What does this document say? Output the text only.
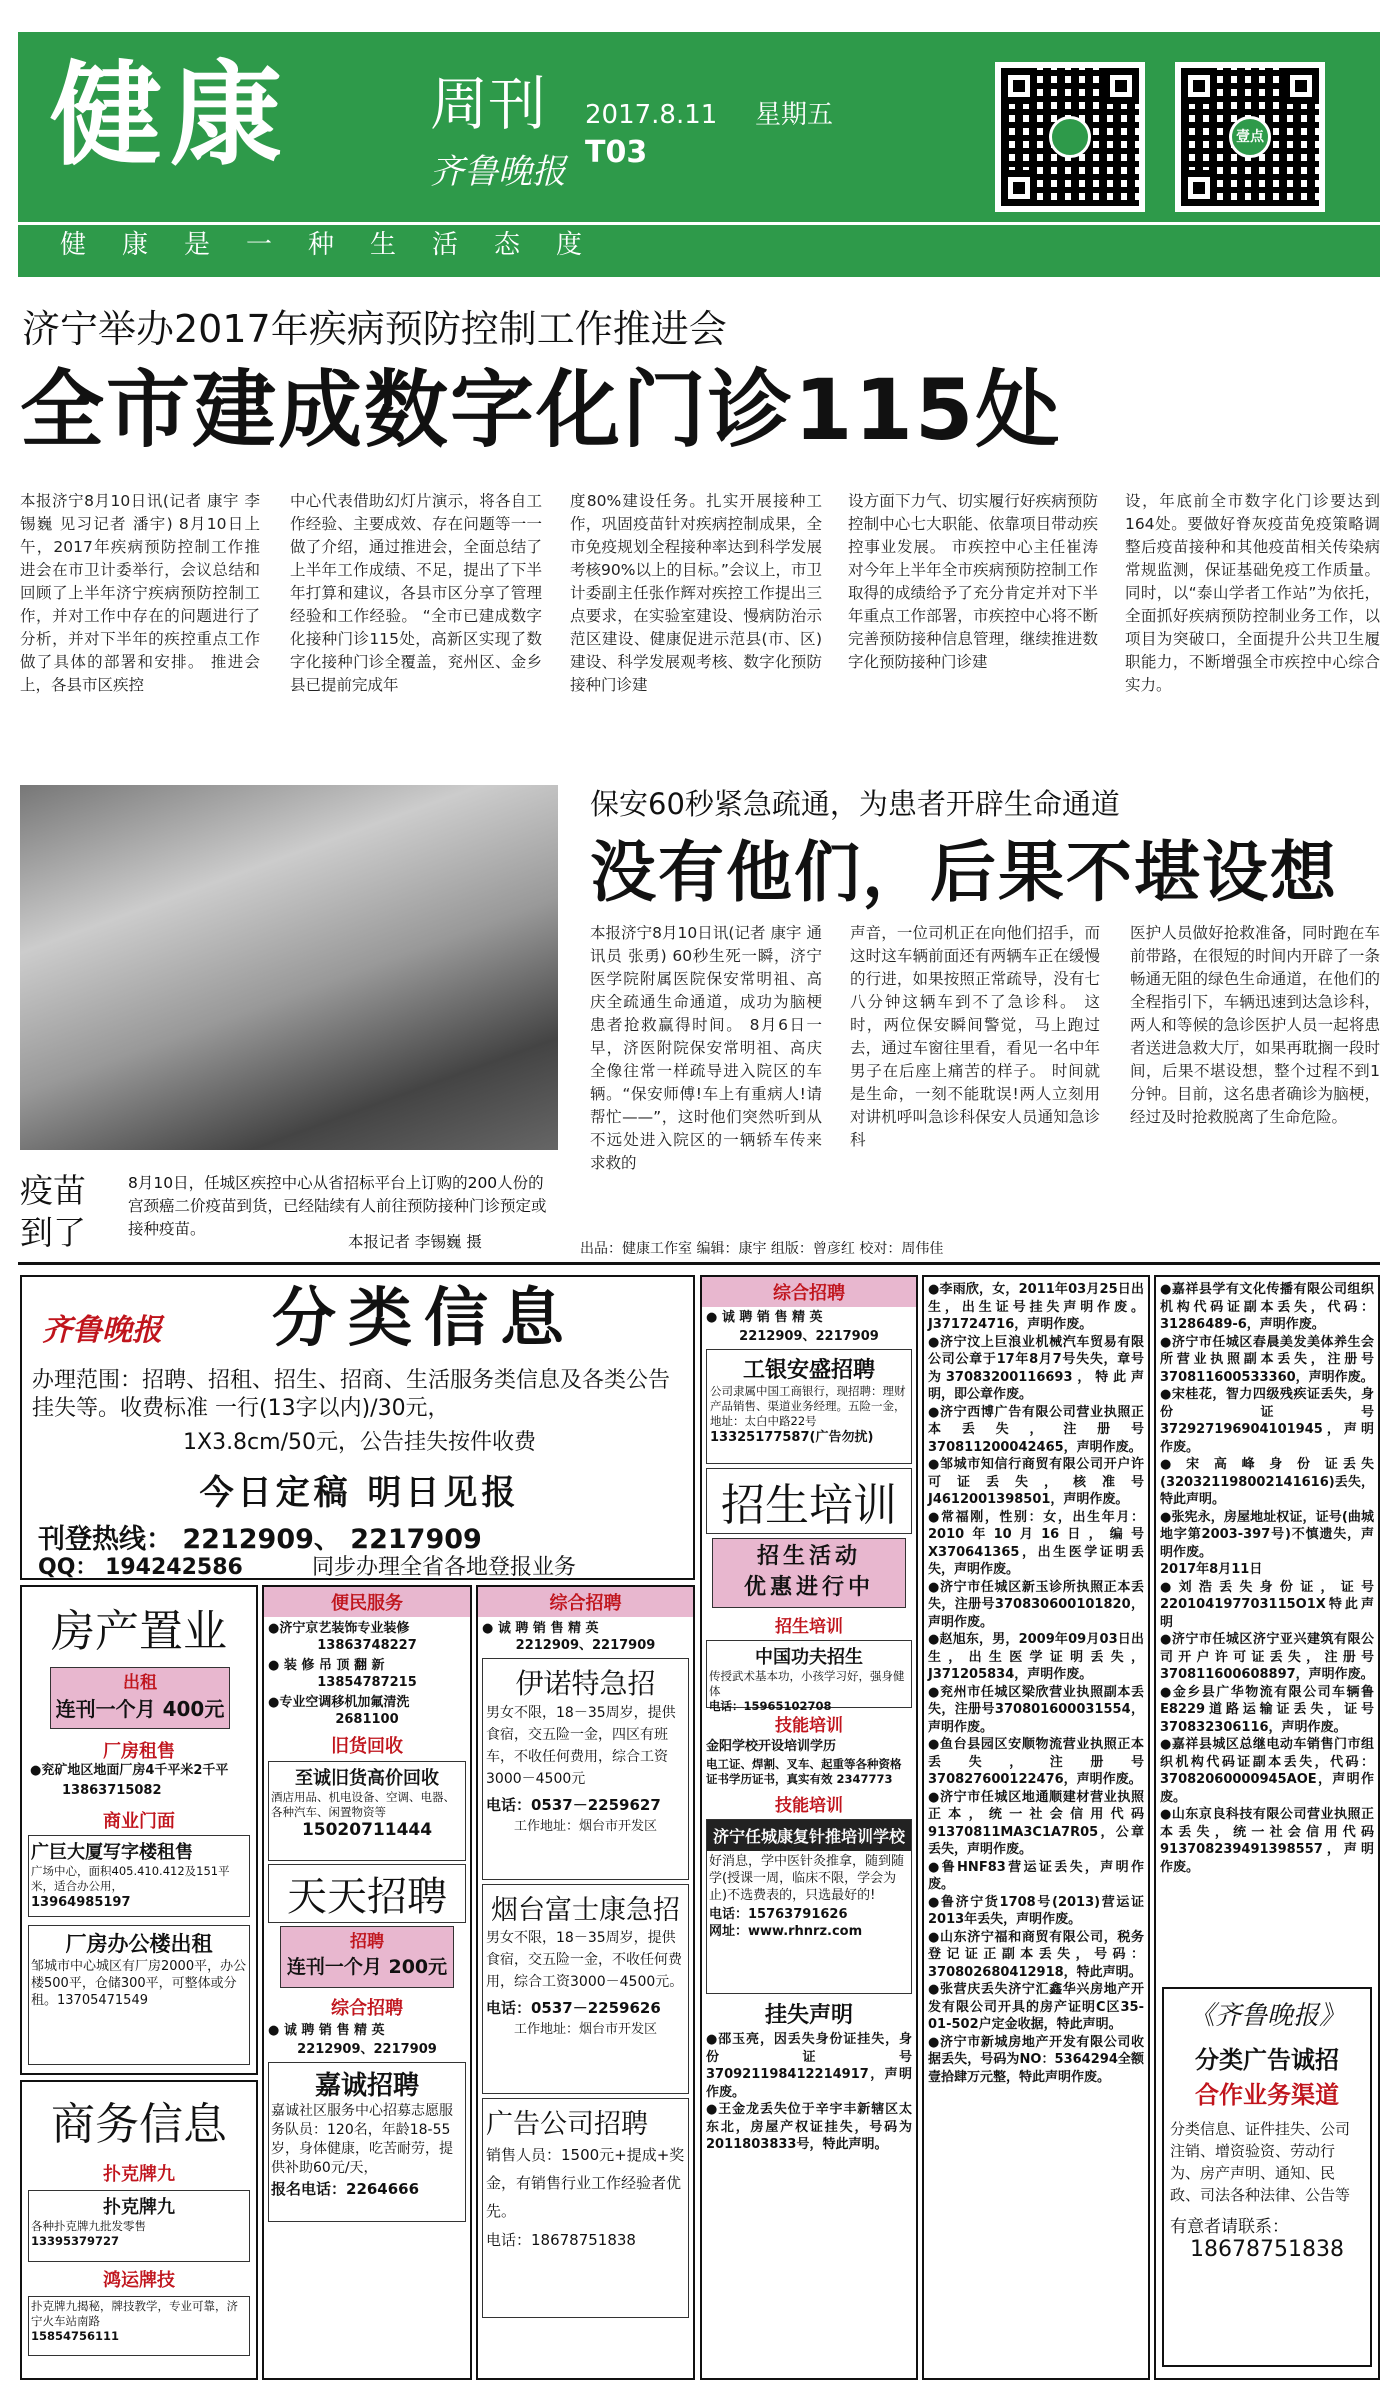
健康 周刊
齐鲁晚报
2017.8.11 星期五
T03
健康是一种生活态度
壹点
济宁举办2017年疾病预防控制工作推进会
全市建成数字化门诊115处
本报济宁8月10日讯(记者 康宇 李锡巍 见习记者 潘宇) 8月10日上午，2017年疾病预防控制工作推进会在市卫计委举行，会议总结和回顾了上半年济宁疾病预防控制工作，并对工作中存在的问题进行了分析，并对下半年的疾控重点工作做了具体的部署和安排。 推进会上，各县市区疾控
中心代表借助幻灯片演示，将各自工作经验、主要成效、存在问题等一一做了介绍，通过推进会，全面总结了上半年工作成绩、不足，提出了下半年打算和建议，各县市区分享了管理经验和工作经验。 “全市已建成数字化接种门诊115处，高新区实现了数字化接种门诊全覆盖，兖州区、金乡县已提前完成年
度80%建设任务。扎实开展接种工作，巩固疫苗针对疾病控制成果，全市免疫规划全程接种率达到科学发展考核90%以上的目标。”会议上，市卫计委副主任张作辉对疾控工作提出三点要求，在实验室建设、慢病防治示范区建设、健康促进示范县(市、区)建设、科学发展观考核、数字化预防接种门诊建
设方面下力气、切实履行好疾病预防控制中心七大职能、依靠项目带动疾控事业发展。 市疾控中心主任崔涛对今年上半年全市疾病预防控制工作取得的成绩给予了充分肯定并对下半年重点工作部署，市疾控中心将不断完善预防接种信息管理，继续推进数字化预防接种门诊建
设，年底前全市数字化门诊要达到164处。要做好脊灰疫苗免疫策略调整后疫苗接种和其他疫苗相关传染病常规监测，保证基础免疫工作质量。同时，以“泰山学者工作站”为依托，全面抓好疾病预防控制业务工作，以项目为突破口，全面提升公共卫生履职能力，不断增强全市疾控中心综合实力。
疫苗
到了
8月10日，任城区疾控中心从省招标平台上订购的200人份的宫颈癌二价疫苗到货，已经陆续有人前往预防接种门诊预定或接种疫苗。
本报记者 李锡巍 摄
保安60秒紧急疏通，为患者开辟生命通道
没有他们，后果不堪设想
本报济宁8月10日讯(记者 康宇 通讯员 张勇) 60秒生死一瞬，济宁医学院附属医院保安常明祖、高庆全疏通生命通道，成功为脑梗患者抢救赢得时间。 8月6日一早，济医附院保安常明祖、高庆全像往常一样疏导进入院区的车辆。“保安师傅!车上有重病人!请帮忙——”，这时他们突然听到从不远处进入院区的一辆轿车传来求救的
声音，一位司机正在向他们招手，而这时这车辆前面还有两辆车正在缓慢的行进，如果按照正常疏导，没有七八分钟这辆车到不了急诊科。 这时，两位保安瞬间警觉，马上跑过去，通过车窗往里看，看见一名中年男子在后座上痛苦的样子。 时间就是生命，一刻不能耽误!两人立刻用对讲机呼叫急诊科保安人员通知急诊科
医护人员做好抢救准备，同时跑在车前带路，在很短的时间内开辟了一条畅通无阻的绿色生命通道，在他们的全程指引下，车辆迅速到达急诊科，两人和等候的急诊医护人员一起将患者送进急救大厅，如果再耽搁一段时间，后果不堪设想，整个过程不到1分钟。目前，这名患者确诊为脑梗，经过及时抢救脱离了生命危险。
出品：健康工作室 编辑：康宇 组版：曾彦红 校对：周伟佳
齐鲁晚报 分类信息
办理范围：招聘、招租、招生、招商、生活服务类信息及各类公告挂失等。收费标准 一行(13字以内)/30元，
1X3.8cm/50元，公告挂失按件收费
今日定稿 明日见报
刊登热线： 2212909、 2217909
QQ： 194242586	同步办理全省各地登报业务
房产置业
出租
连刊一个月 400元
厂房租售
●兖矿地区地面厂房4千平米2千平
13863715082
商业门面
广巨大厦写字楼租售
广场中心，面积405.410.412及151平米，适合办公用，
13964985197
厂房办公楼出租
邹城市中心城区有厂房2000平，办公楼500平，仓储300平，可整体或分租。13705471549
商务信息
扑克牌九
扑克牌九
各种扑克牌九批发零售
13395379727
鸿运牌技
扑克牌九揭秘，牌技教学，专业可靠，济宁火车站南路
15854756111
便民服务
●济宁京艺装饰专业装修
13863748227
● 装 修 吊 顶 翻 新
13854787215
●专业空调移机加氟清洗
2681100
旧货回收
至诚旧货高价回收
酒店用品、机电设备、空调、电器、各种汽车、闲置物资等
15020711444
天天招聘
招聘
连刊一个月 200元
综合招聘
● 诚 聘 销 售 精 英
2212909、2217909
嘉诚招聘
嘉诚社区服务中心招募志愿服务队员：120名，年龄18-55岁，身体健康，吃苦耐劳，提供补助60元/天，
报名电话：2264666
综合招聘
● 诚 聘 销 售 精 英
2212909、2217909
伊诺特急招
男女不限，18－35周岁，提供食宿，交五险一金，四区有班车，不收任何费用，综合工资3000－4500元
电话：0537－2259627
工作地址：烟台市开发区
烟台富士康急招
男女不限，18－35周岁，提供食宿，交五险一金，不收任何费用，综合工资3000－4500元。
电话：0537－2259626
工作地址：烟台市开发区
广告公司招聘
销售人员：1500元+提成+奖金，有销售行业工作经验者优先。
电话：18678751838
综合招聘
● 诚 聘 销 售 精 英
2212909、2217909
工银安盛招聘
公司隶属中国工商银行，现招聘：理财产品销售、渠道业务经理。五险一金，地址：太白中路22号
13325177587(广告勿扰)
招生培训
招生活动
优惠进行中
招生培训
中国功夫招生
传授武术基本功，小孩学习好，强身健体
电话：15965102708
技能培训
金阳学校开设培训学历
电工证、焊割、叉车、起重等各种资格证书学历证书，真实有效 2347773
技能培训
济宁任城康复针推培训学校
好消息，学中医针灸推拿，随到随学(授课一周，临床不限，学会为止)不选费表的，只选最好的!
电话：15763791626
网址：www.rhnrz.com
挂失声明
●邵玉亮，因丢失身份证挂失，身份证号370921198412214917，声明作废。
●王金龙丢失位于辛宇丰新辖区太东北，房屋产权证挂失，号码为2011803833号，特此声明。
●李雨欣，女，2011年03月25日出生，出生证号挂失声明作废。J371724716，声明作废。
●济宁汶上巨浪业机械汽车贸易有限公司公章于17年8月7号失失，章号为37083200116693，特此声明，即公章作废。
●济宁西博广告有限公司营业执照正本丢失，注册号370811200042465，声明作废。
●邹城市知信行商贸有限公司开户许可证丢失，核准号J4612001398501，声明作废。
●常福刚，性别：女，出生年月：2010年10月16日，编号X370641365，出生医学证明丢失，声明作废。
●济宁市任城区新玉诊所执照正本丢失，注册号370830600101820，声明作废。
●赵旭东，男，2009年09月03日出生，出生医学证明丢失，J371205834，声明作废。
●兖州市任城区梁欣营业执照副本丢失，注册号370801600031554，声明作废。
●鱼台县园区安顺物流营业执照正本丢失，注册号370827600122476，声明作废。
●济宁市任城区地通顺建材营业执照正本，统一社会信用代码91370811MA3C1A7R05，公章丢失，声明作废。
●鲁HNF83营运证丢失，声明作废。
●鲁济宁货1708号(2013)营运证2013年丢失，声明作废。
●山东济宁福和商贸有限公司，税务登记证正副本丢失，号码：370802680412918，特此声明。
●张营庆丢失济宁汇鑫华兴房地产开发有限公司开具的房产证明C区35-01-502户定金收据，特此声明。
●济宁市新城房地产开发有限公司收据丢失，号码为NO：5364294全额壹拾肆万元整，特此声明作废。
●嘉祥县学有文化传播有限公司组织机构代码证副本丢失，代码：31286489-6，声明作废。
●济宁市任城区春晨美发美体养生会所营业执照副本丢失，注册号370811600533360，声明作废。
●宋桂花，智力四级残疾证丢失，身份证号372927196904101945，声明作废。
● 宋 高 峰 身 份 证丢失(320321198002141616)丢失，特此声明。
●张宪永，房屋地址权证，证号(曲城地字第2003-397号)不慎遗失，声明作废。
2017年8月11日
●刘浩丢失身份证，证号220104197703115O1X特此声明
●济宁市任城区济宁亚兴建筑有限公司开户许可证丢失，注册号370811600608897，声明作废。
●金乡县广华物流有限公司车辆鲁E8229道路运输证丢失，证号370832306116，声明作废。
●嘉祥县城区总继电动车销售门市组织机构代码证副本丢失，代码：37082060000945AOE，声明作废。
●山东京良科技有限公司营业执照正本丢失，统一社会信用代码913708239491398557，声明作废。
《齐鲁晚报》
分类广告诚招
合作业务渠道
分类信息、证件挂失、公司注销、增资验资、劳动行为、房产声明、通知、民政、司法各种法律、公告等
有意者请联系：
18678751838
